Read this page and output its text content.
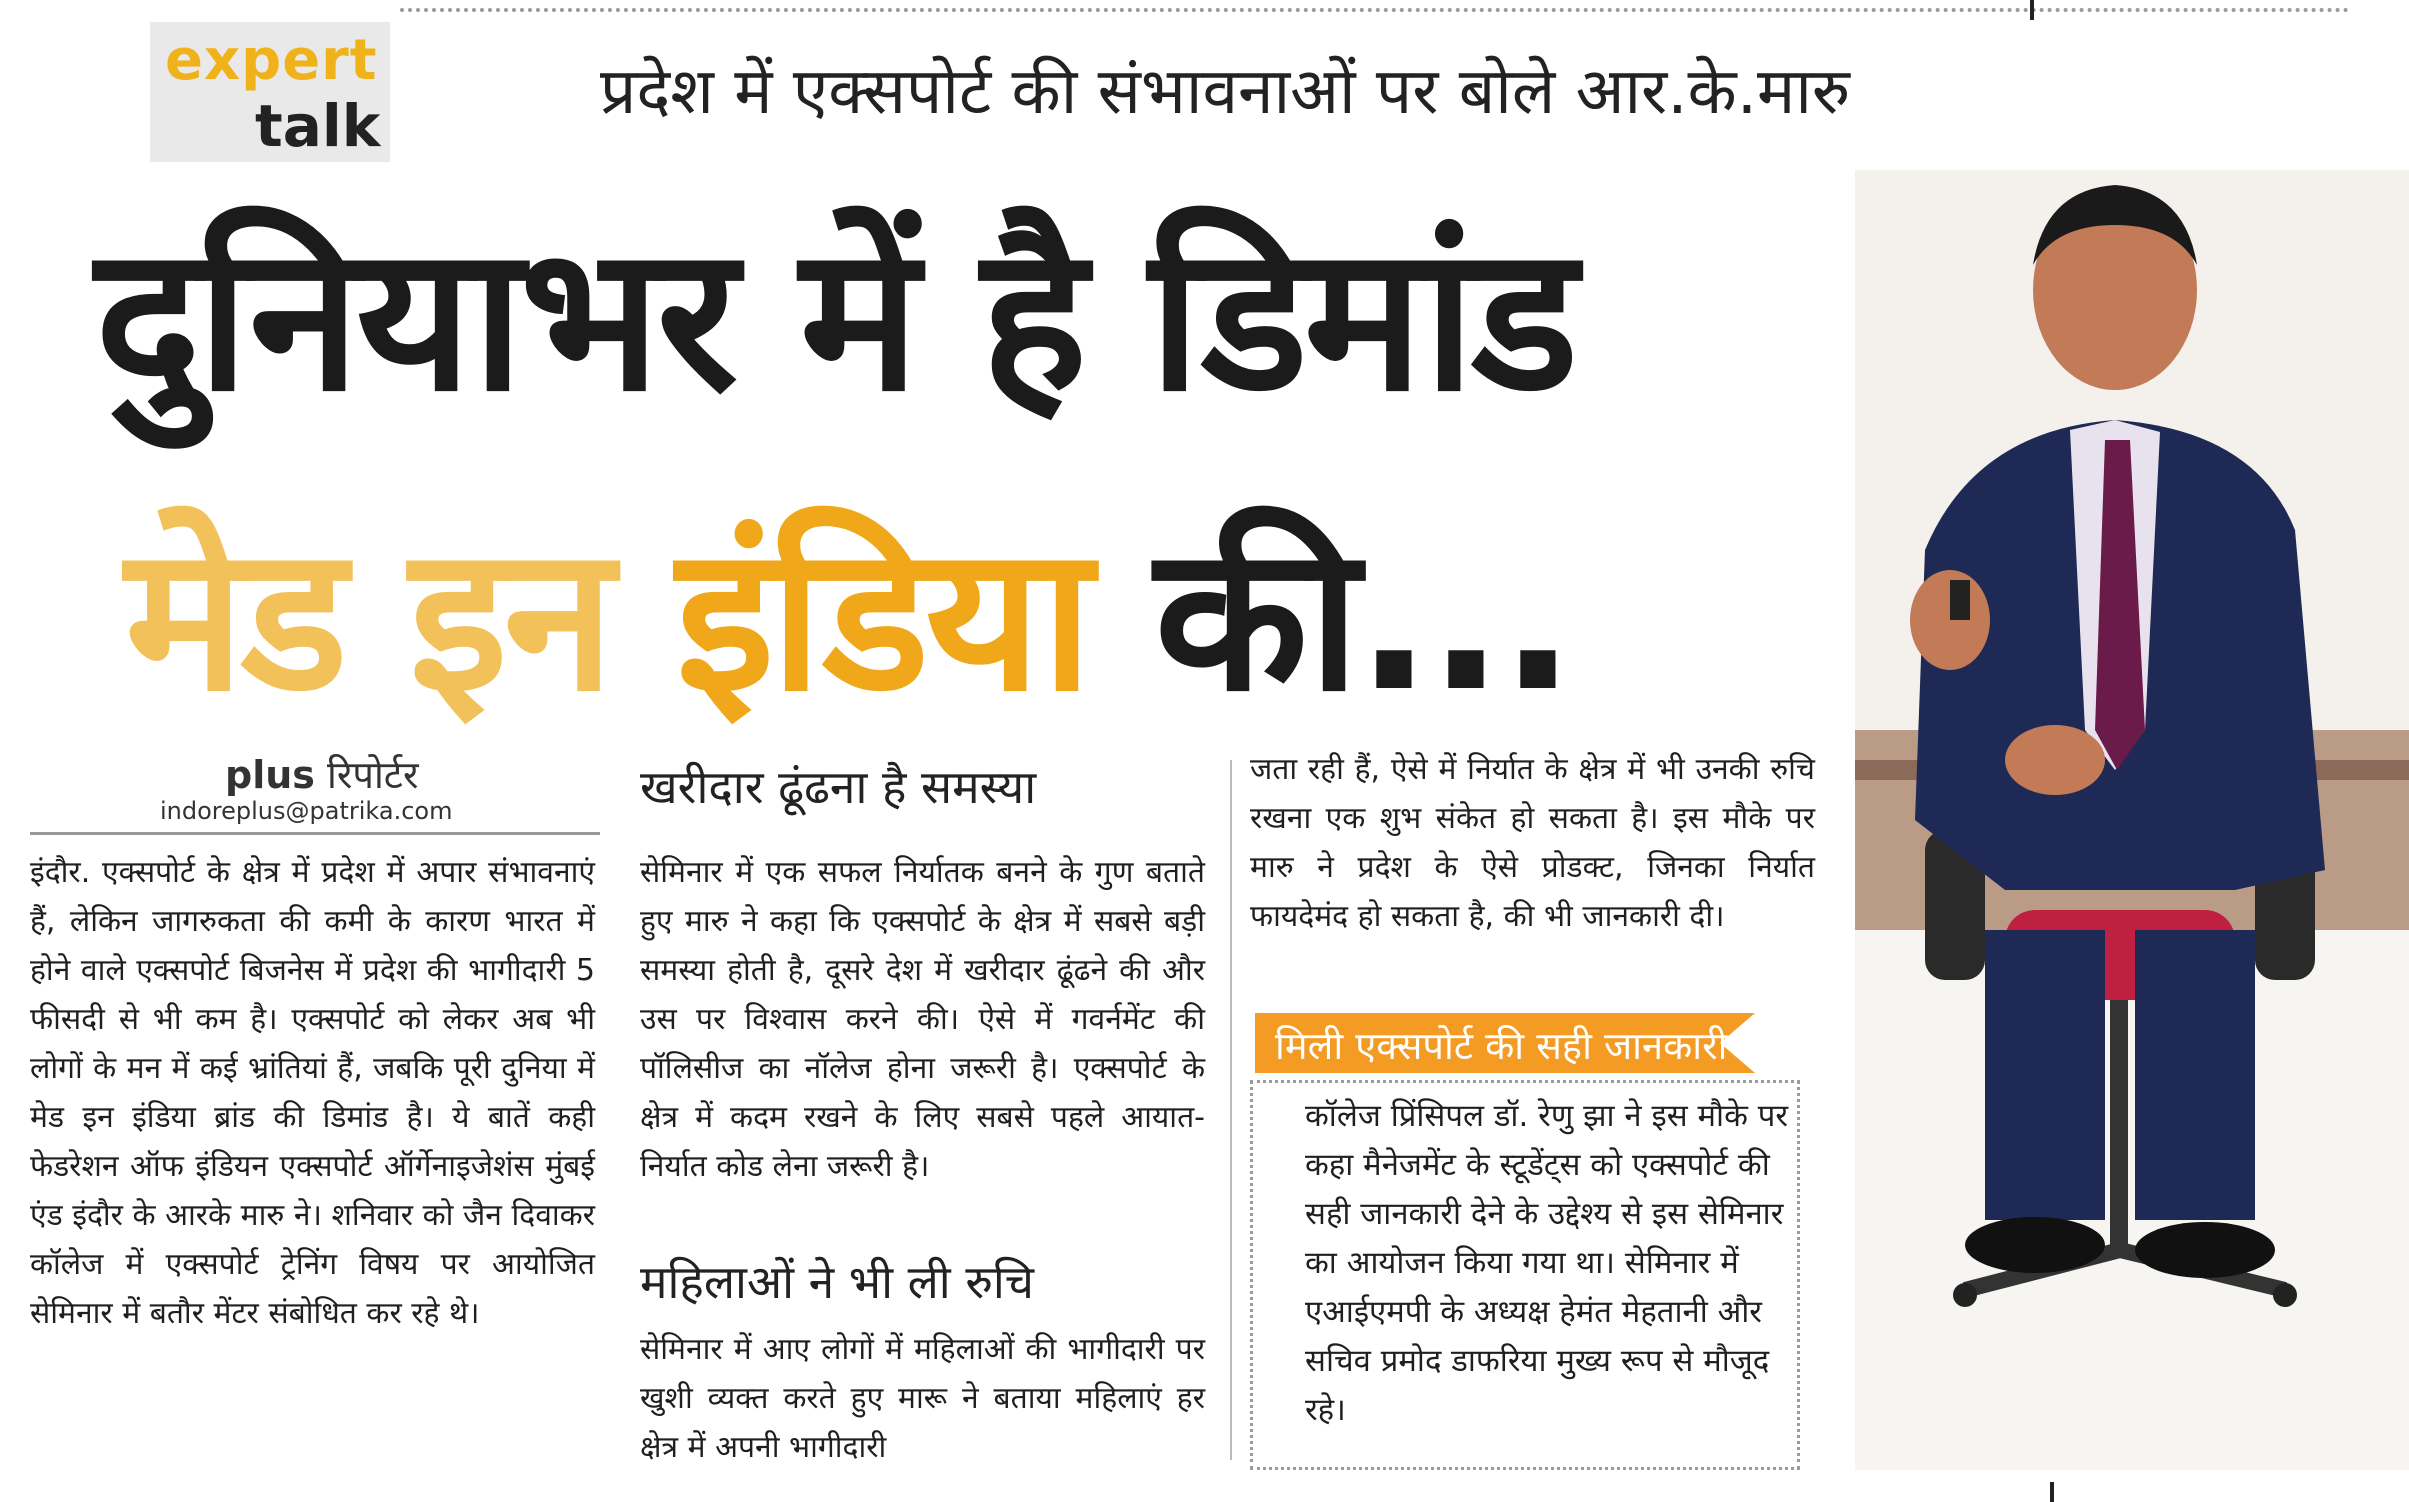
expert
talk	प्रदेश में एक्सपोर्ट की संभावनाओं पर बोले आर.के.मारु
दुनियाभर में है डिमांड
मेड इन इंडिया की...
plus रिपोर्टर
indoreplus@patrika.com
इंदौर. एक्सपोर्ट के क्षेत्र में प्रदेश में अपार संभावनाएं हैं, लेकिन जागरुकता की कमी के कारण भारत में होने वाले एक्सपोर्ट बिजनेस में प्रदेश की भागीदारी 5 फीसदी से भी कम है। एक्सपोर्ट को लेकर अब भी लोगों के मन में कई भ्रांतियां हैं, जबकि पूरी दुनिया में मेड इन इंडिया ब्रांड की डिमांड है। ये बातें कही फेडरेशन ऑफ इंडियन एक्सपोर्ट ऑर्गेनाइजेशंस मुंबई एंड इंदौर के आरके मारु ने। शनिवार को जैन दिवाकर कॉलेज में एक्सपोर्ट ट्रेनिंग विषय पर आयोजित सेमिनार में बतौर मेंटर संबोधित कर रहे थे।
खरीदार ढूंढना है समस्या
सेमिनार में एक सफल निर्यातक बनने के गुण बताते हुए मारु ने कहा कि एक्सपोर्ट के क्षेत्र में सबसे बड़ी समस्या होती है, दूसरे देश में खरीदार ढूंढने की और उस पर विश्वास करने की। ऐसे में गवर्नमेंट की पॉलिसीज का नॉलेज होना जरूरी है। एक्सपोर्ट के क्षेत्र में कदम रखने के लिए सबसे पहले आयात-निर्यात कोड लेना जरूरी है।
महिलाओं ने भी ली रुचि
सेमिनार में आए लोगों में महिलाओं की भागीदारी पर खुशी व्यक्त करते हुए मारू ने बताया महिलाएं हर क्षेत्र में अपनी भागीदारी
जता रही हैं, ऐसे में निर्यात के क्षेत्र में भी उनकी रुचि रखना एक शुभ संकेत हो सकता है। इस मौके पर मारु ने प्रदेश के ऐसे प्रोडक्ट, जिनका निर्यात फायदेमंद हो सकता है, की भी जानकारी दी।
मिली एक्सपोर्ट की सही जानकारी
कॉलेज प्रिंसिपल डॉ. रेणु झा ने इस मौके पर कहा मैनेजमेंट के स्टूडेंट्स को एक्सपोर्ट की सही जानकारी देने के उद्देश्य से इस सेमिनार का आयोजन किया गया था। सेमिनार में एआईएमपी के अध्यक्ष हेमंत मेहतानी और सचिव प्रमोद डाफरिया मुख्य रूप से मौजूद रहे।
